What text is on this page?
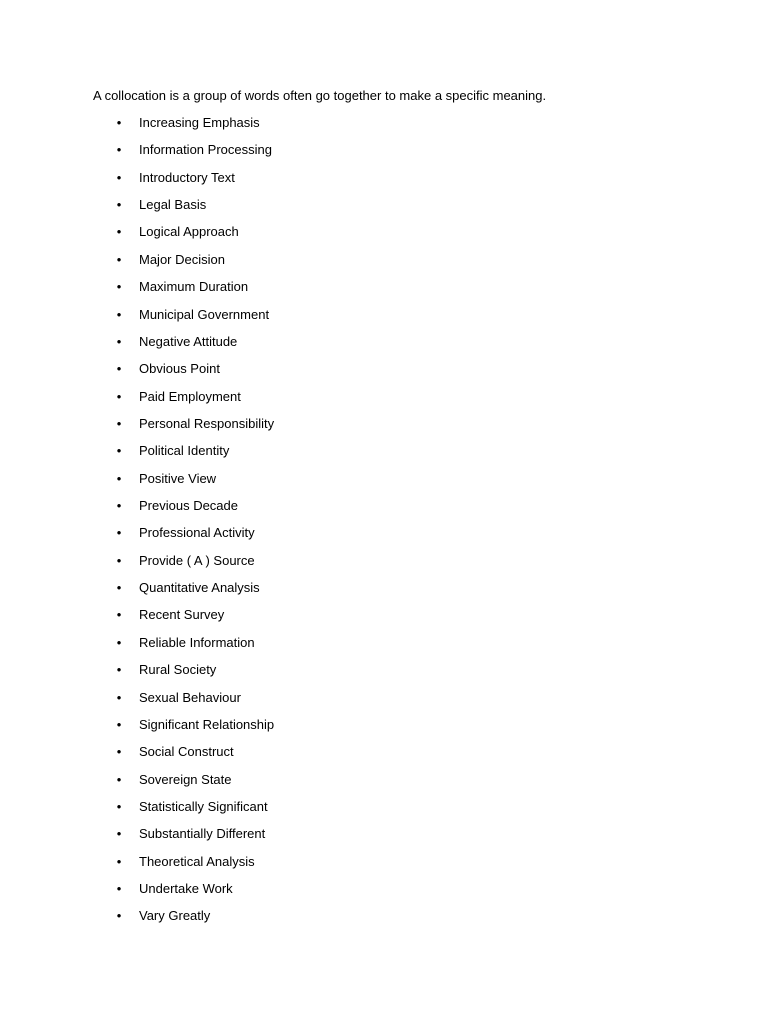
A collocation is a group of words often go together to make a specific meaning.

• Increasing Emphasis
• Information Processing
• Introductory Text
• Legal Basis
• Logical Approach
• Major Decision
• Maximum Duration
• Municipal Government
• Negative Attitude
• Obvious Point
• Paid Employment
• Personal Responsibility
• Political Identity
• Positive View
• Previous Decade
• Professional Activity
• Provide ( A ) Source
• Quantitative Analysis
• Recent Survey
• Reliable Information
• Rural Society
• Sexual Behaviour
• Significant Relationship
• Social Construct
• Sovereign State
• Statistically Significant
• Substantially Different
• Theoretical Analysis
• Undertake Work
• Vary Greatly
